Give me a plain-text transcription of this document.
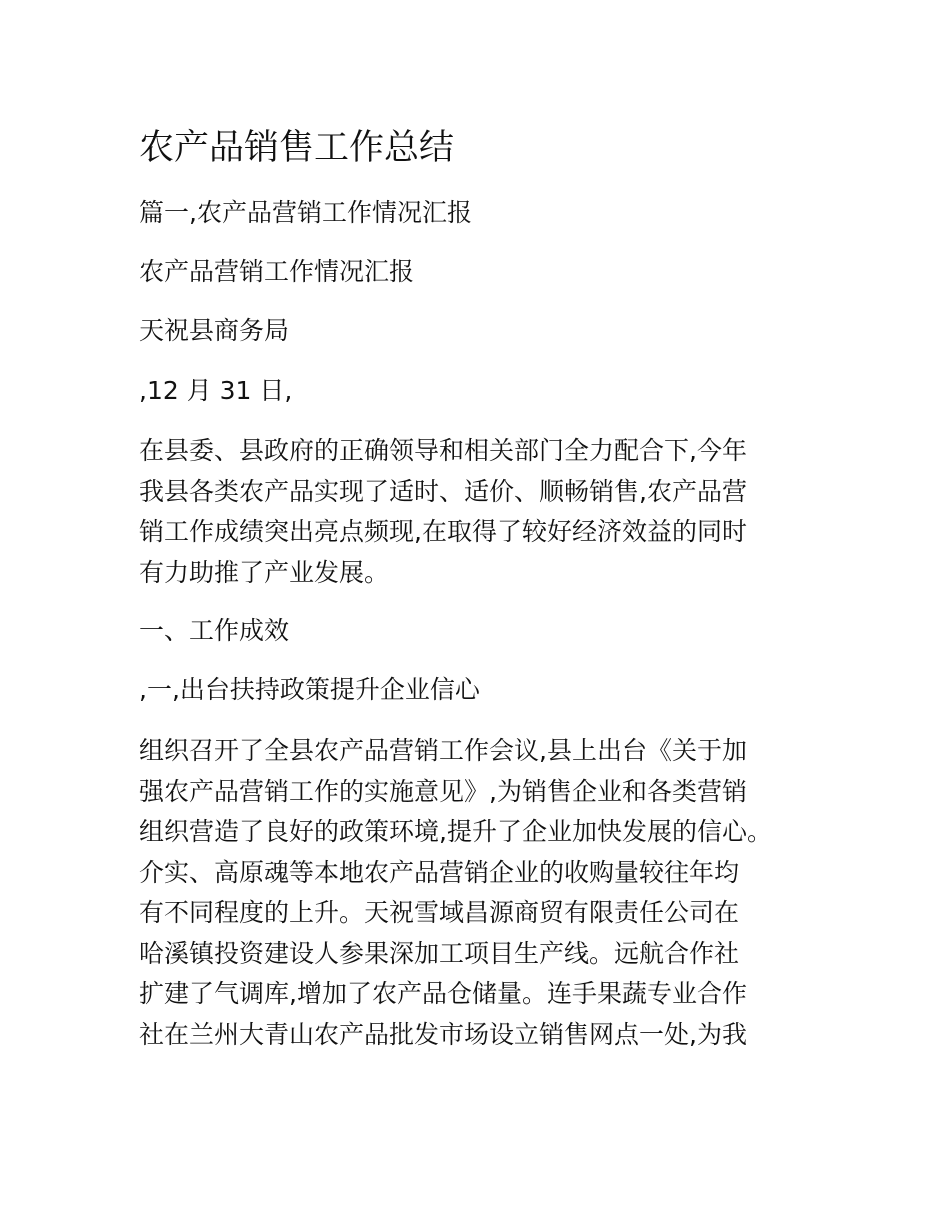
农产品销售工作总结

篇一,农产品营销工作情况汇报

农产品营销工作情况汇报

天祝县商务局

,12 月 31 日,

在县委、县政府的正确领导和相关部门全力配合下,今年
我县各类农产品实现了适时、适价、顺畅销售,农产品营
销工作成绩突出亮点频现,在取得了较好经济效益的同时
有力助推了产业发展。

一、工作成效

,一,出台扶持政策提升企业信心

组织召开了全县农产品营销工作会议,县上出台《关于加
强农产品营销工作的实施意见》,为销售企业和各类营销
组织营造了良好的政策环境,提升了企业加快发展的信心。
介实、高原魂等本地农产品营销企业的收购量较往年均
有不同程度的上升。天祝雪域昌源商贸有限责任公司在
哈溪镇投资建设人参果深加工项目生产线。远航合作社
扩建了气调库,增加了农产品仓储量。连手果蔬专业合作
社在兰州大青山农产品批发市场设立销售网点一处,为我
